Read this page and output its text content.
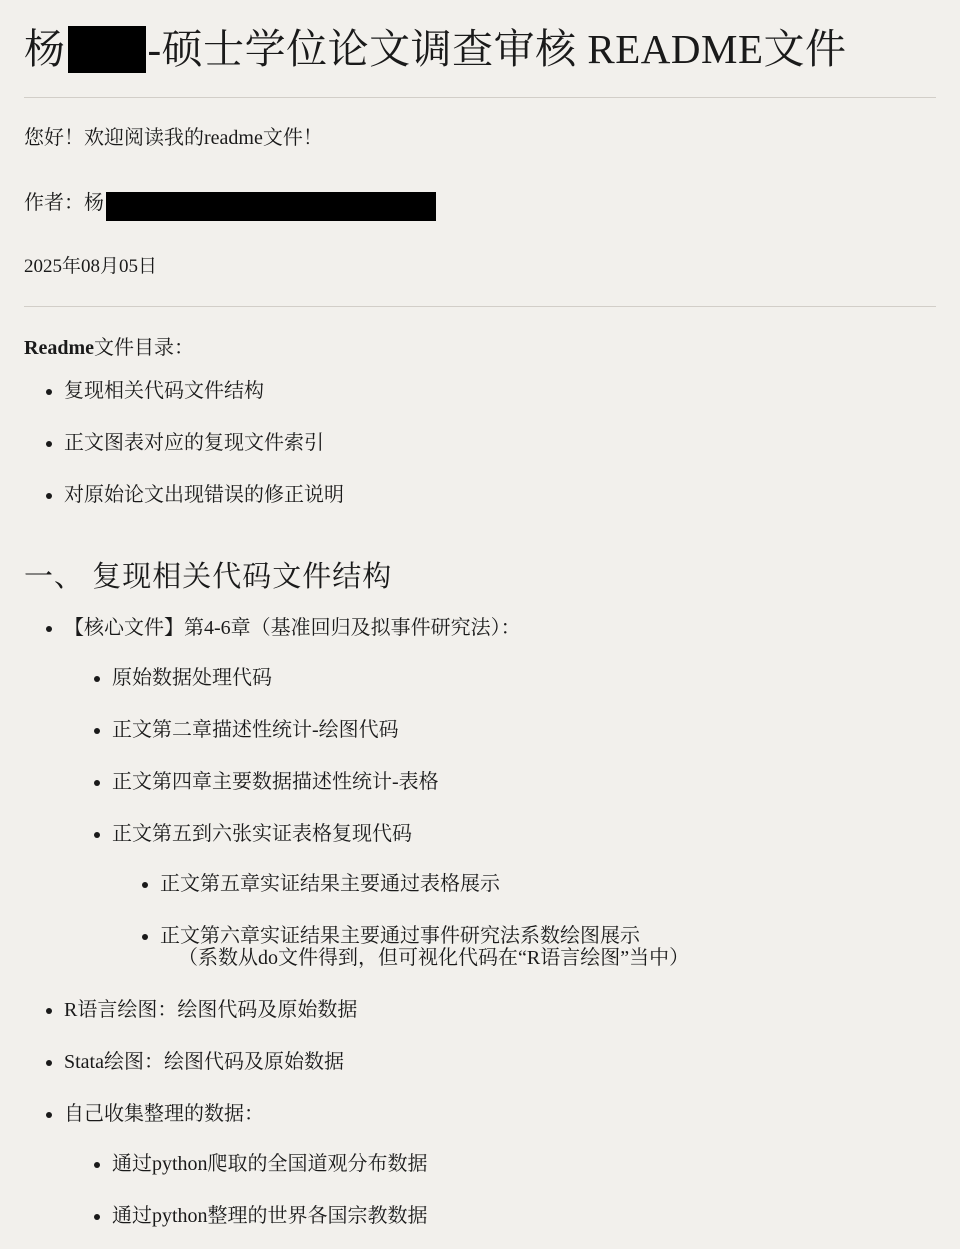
杨 -硕士学位论文调查审核 README文件

您好！欢迎阅读我的readme文件！

作者：杨

2025年08月05日

Readme文件目录：

• 复现相关代码文件结构
• 正文图表对应的复现文件索引
• 对原始论文出现错误的修正说明
一、 复现相关代码文件结构
• 【核心文件】第4-6章（基准回归及拟事件研究法）：
• 原始数据处理代码
• 正文第二章描述性统计-绘图代码
• 正文第四章主要数据描述性统计-表格
• 正文第五到六张实证表格复现代码
• 正文第五章实证结果主要通过表格展示
• 正文第六章实证结果主要通过事件研究法系数绘图展示
（系数从do文件得到，但可视化代码在“R语言绘图”当中）
• R语言绘图：绘图代码及原始数据
• Stata绘图：绘图代码及原始数据
• 自己收集整理的数据：
• 通过python爬取的全国道观分布数据
• 通过python整理的世界各国宗教数据
